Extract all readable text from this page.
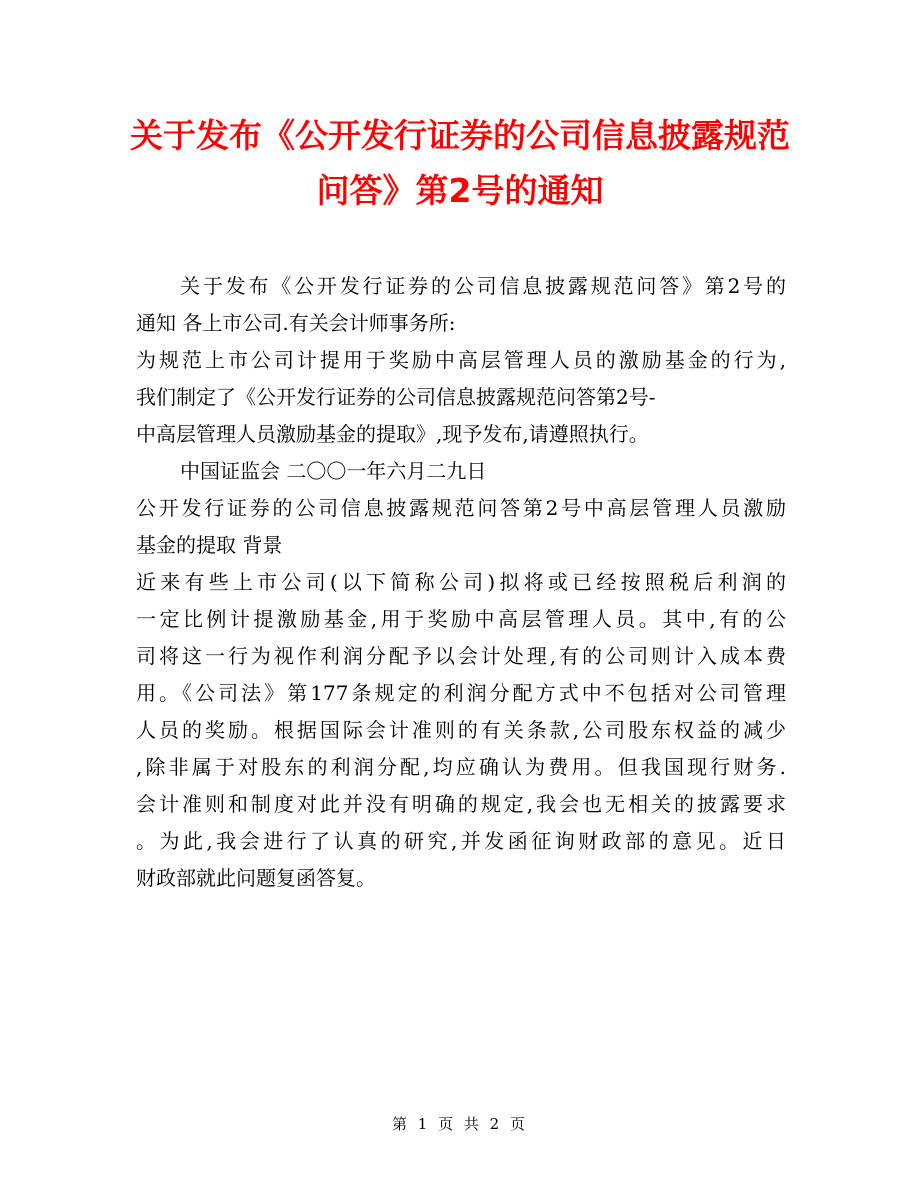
关于发布《公开发行证券的公司信息披露规范
问答》第2号的通知
关于发布《公开发行证券的公司信息披露规范问答》第2号的
通知 各上市公司.有关会计师事务所:
为规范上市公司计提用于奖励中高层管理人员的激励基金的行为,
我们制定了《公开发行证券的公司信息披露规范问答第2号-
中高层管理人员激励基金的提取》,现予发布,请遵照执行。
中国证监会 二〇〇一年六月二九日
公开发行证券的公司信息披露规范问答第2号中高层管理人员激励
基金的提取 背景
近来有些上市公司(以下简称公司)拟将或已经按照税后利润的
一定比例计提激励基金,用于奖励中高层管理人员。其中,有的公
司将这一行为视作利润分配予以会计处理,有的公司则计入成本费
用。《公司法》第177条规定的利润分配方式中不包括对公司管理
人员的奖励。根据国际会计准则的有关条款,公司股东权益的减少
,除非属于对股东的利润分配,均应确认为费用。但我国现行财务.
会计准则和制度对此并没有明确的规定,我会也无相关的披露要求
。为此,我会进行了认真的研究,并发函征询财政部的意见。近日
财政部就此问题复函答复。
第 1 页 共 2 页
